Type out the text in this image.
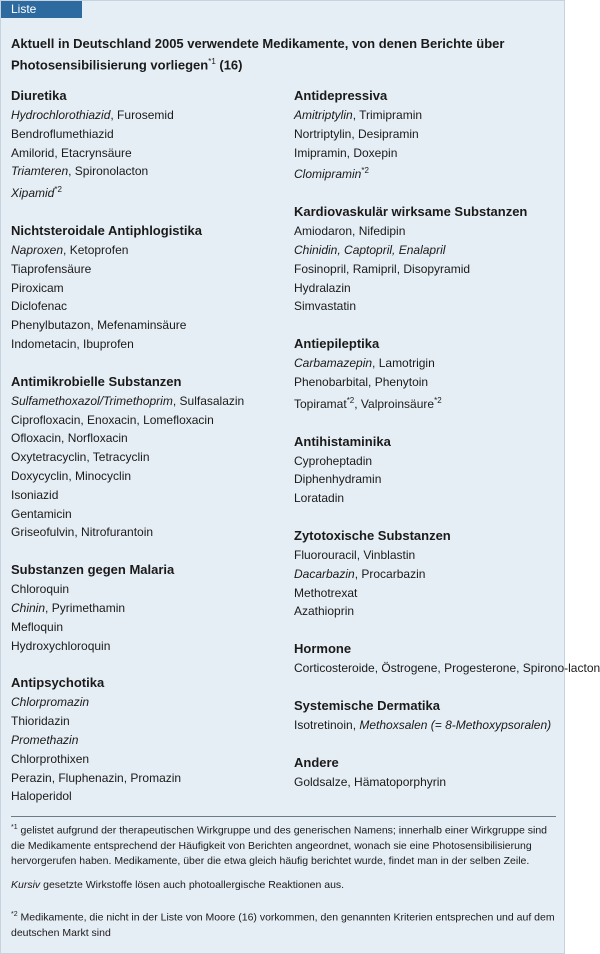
Liste
Aktuell in Deutschland 2005 verwendete Medikamente, von denen Berichte über Photosensibilisierung vorliegen$^{*1}$ (16)
Diuretika
Hydrochlorothiazid, Furosemid
Bendroflumethiazid
Amilorid, Etacrynsäure
Triamteren, Spironolacton
Xipamid$^{*2}$
Nichtsteroidale Antiphlogistika
Naproxen, Ketoprofen
Tiaprofensäure
Piroxicam
Diclofenac
Phenylbutazon, Mefenaminsäure
Indometacin, Ibuprofen
Antimikrobielle Substanzen
Sulfamethoxazol/Trimethoprim, Sulfasalazin
Ciprofloxacin, Enoxacin, Lomefloxacin
Ofloxacin, Norfloxacin
Oxytetracyclin, Tetracyclin
Doxycyclin, Minocyclin
Isoniazid
Gentamicin
Griseofulvin, Nitrofurantoin
Substanzen gegen Malaria
Chloroquin
Chinin, Pyrimethamin
Mefloquin
Hydroxychloroquin
Antipsychotika
Chlorpromazin
Thioridazin
Promethazin
Chlorprothixen
Perazin, Fluphenazin, Promazin
Haloperidol
Antidepressiva
Amitriptylin, Trimipramin
Nortriptylin, Desipramin
Imipramin, Doxepin
Clomipramin$^{*2}$
Kardiovaskulär wirksame Substanzen
Amiodaron, Nifedipin
Chinidin, Captopril, Enalapril
Fosinopril, Ramipril, Disopyramid
Hydralazin
Simvastatin
Antiepileptika
Carbamazepin, Lamotrigin
Phenobarbital, Phenytoin
Topiramat$^{*2}$, Valproinsäure$^{*2}$
Antihistaminika
Cyproheptadin
Diphenhydramin
Loratadin
Zytotoxische Substanzen
Fluorouracil, Vinblastin
Dacarbazin, Procarbazin
Methotrexat
Azathioprin
Hormone
Corticosteroide, Östrogene, Progesterone, Spirono-lacton
Systemische Dermatika
Isotretinoin, Methoxsalen (= 8-Methoxypsoralen)
Andere
Goldsalze, Hämatoporphyrin
$^{*1}$ gelistet aufgrund der therapeutischen Wirkgruppe und des generischen Namens; innerhalb einer Wirkgruppe sind die Medikamente entsprechend der Häufigkeit von Berichten angeordnet, wonach sie eine Photosensibilisierung hervorgerufen haben. Medikamente, über die etwa gleich häufig berichtet wurde, findet man in der selben Zeile.
Kursiv gesetzte Wirkstoffe lösen auch photoallergische Reaktionen aus.
$^{*2}$ Medikamente, die nicht in der Liste von Moore (16) vorkommen, den genannten Kriterien entsprechen und auf dem deutschen Markt sind
